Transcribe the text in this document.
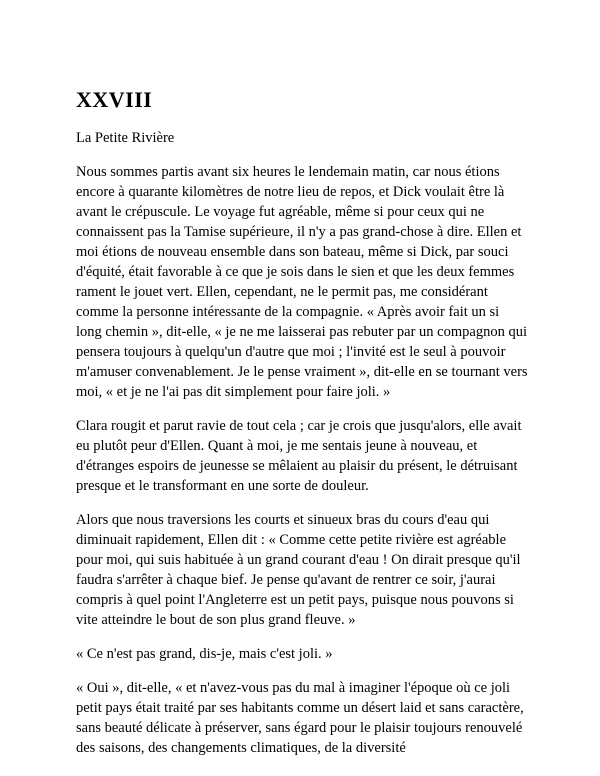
XXVIII

La Petite Rivière

Nous sommes partis avant six heures le lendemain matin, car nous étions encore à quarante kilomètres de notre lieu de repos, et Dick voulait être là avant le crépuscule. Le voyage fut agréable, même si pour ceux qui ne connaissent pas la Tamise supérieure, il n'y a pas grand-chose à dire. Ellen et moi étions de nouveau ensemble dans son bateau, même si Dick, par souci d'équité, était favorable à ce que je sois dans le sien et que les deux femmes rament le jouet vert. Ellen, cependant, ne le permit pas, me considérant comme la personne intéressante de la compagnie. « Après avoir fait un si long chemin », dit-elle, « je ne me laisserai pas rebuter par un compagnon qui pensera toujours à quelqu'un d'autre que moi ; l'invité est le seul à pouvoir m'amuser convenablement. Je le pense vraiment », dit-elle en se tournant vers moi, « et je ne l'ai pas dit simplement pour faire joli. »

Clara rougit et parut ravie de tout cela ; car je crois que jusqu'alors, elle avait eu plutôt peur d'Ellen. Quant à moi, je me sentais jeune à nouveau, et d'étranges espoirs de jeunesse se mêlaient au plaisir du présent, le détruisant presque et le transformant en une sorte de douleur.

Alors que nous traversions les courts et sinueux bras du cours d'eau qui diminuait rapidement, Ellen dit : « Comme cette petite rivière est agréable pour moi, qui suis habituée à un grand courant d'eau ! On dirait presque qu'il faudra s'arrêter à chaque bief. Je pense qu'avant de rentrer ce soir, j'aurai compris à quel point l'Angleterre est un petit pays, puisque nous pouvons si vite atteindre le bout de son plus grand fleuve. »

« Ce n'est pas grand, dis-je, mais c'est joli. »

« Oui », dit-elle, « et n'avez-vous pas du mal à imaginer l'époque où ce joli petit pays était traité par ses habitants comme un désert laid et sans caractère, sans beauté délicate à préserver, sans égard pour le plaisir toujours renouvelé des saisons, des changements climatiques, de la diversité
